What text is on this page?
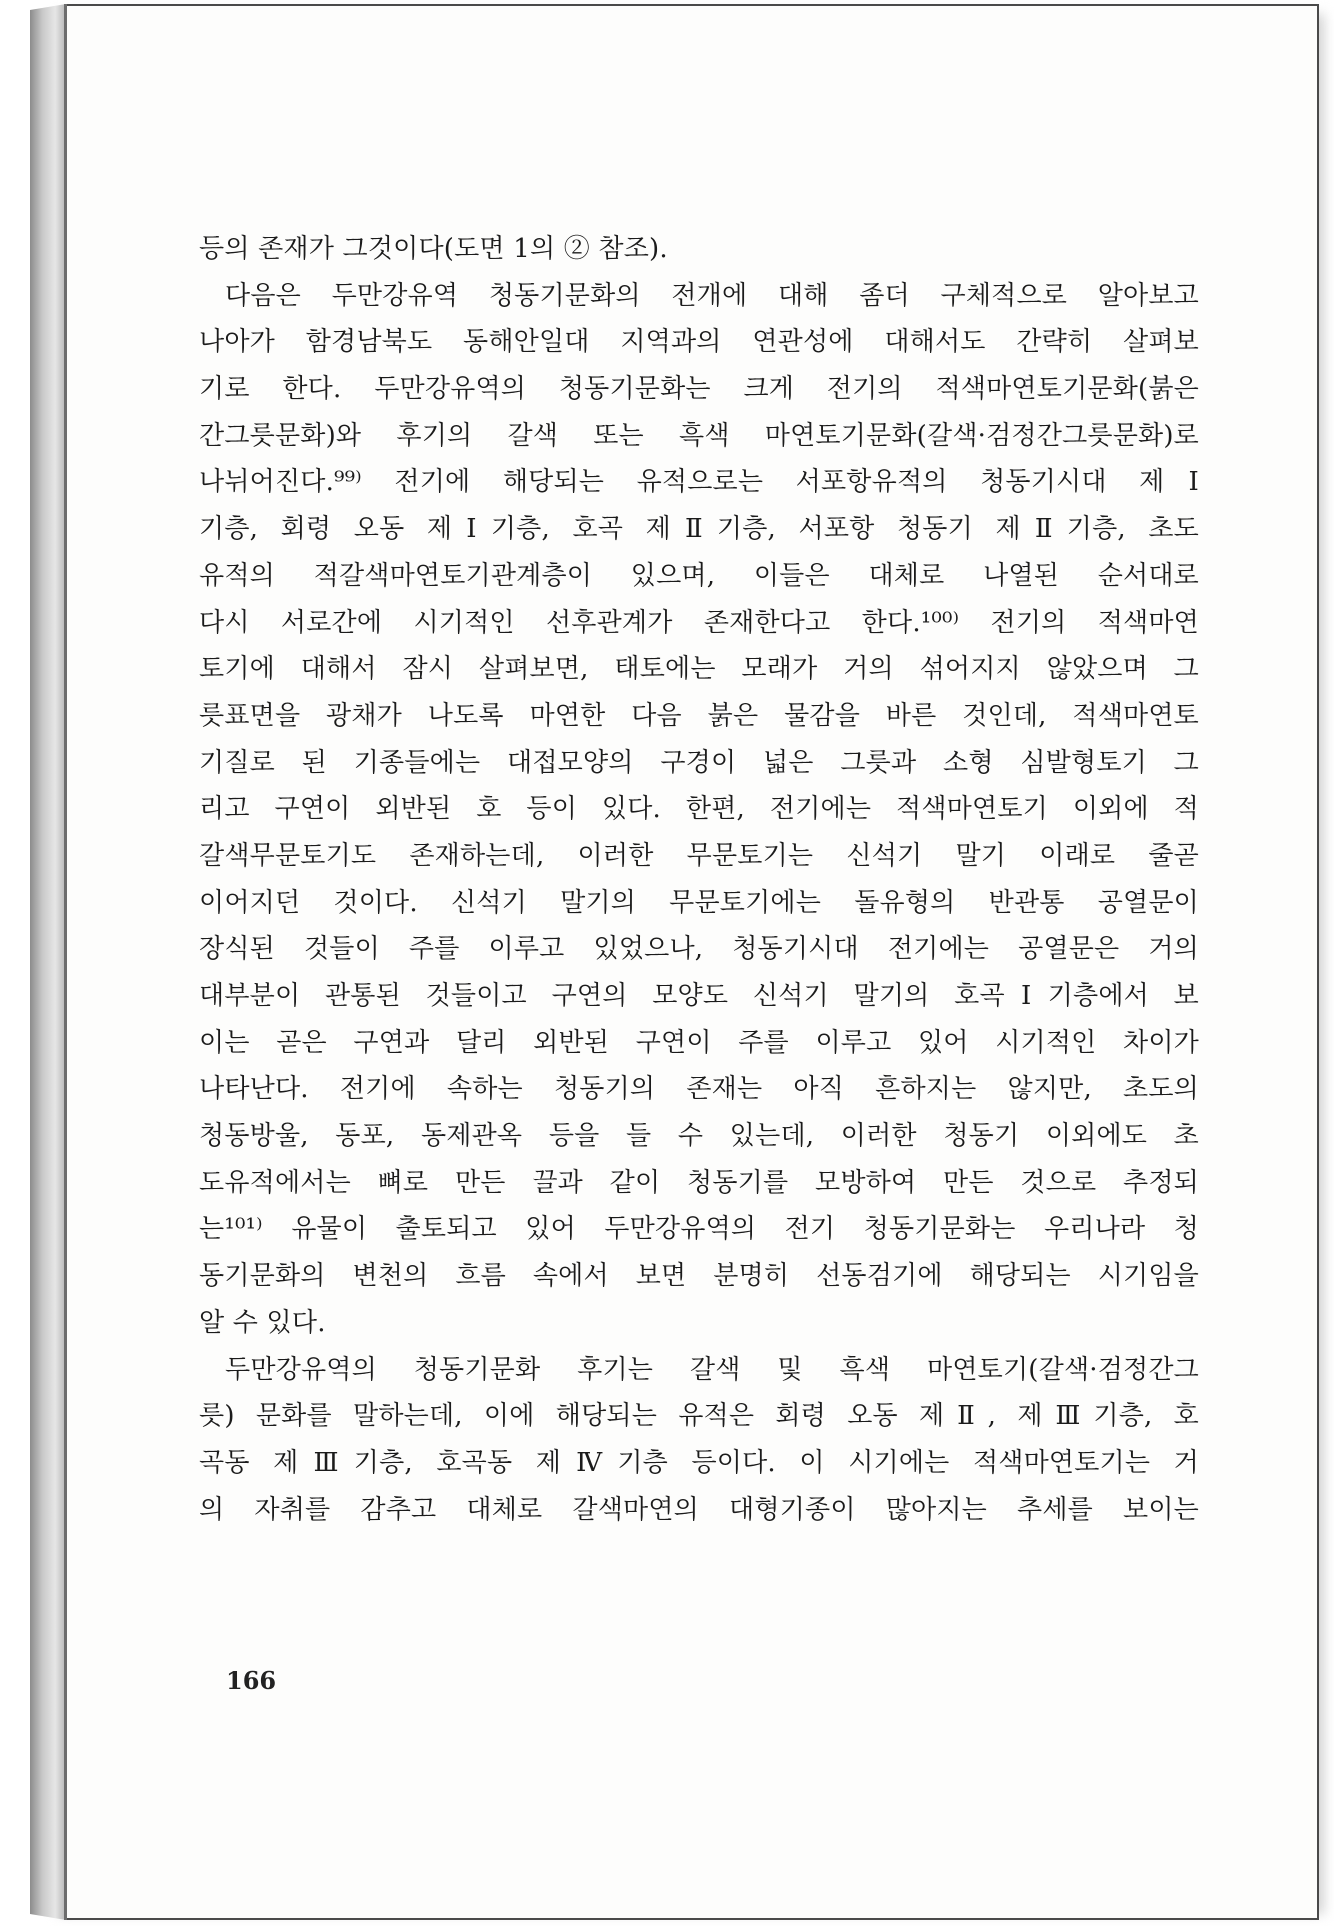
등의 존재가 그것이다(도면 1의 ② 참조).
다음은 두만강유역 청동기문화의 전개에 대해 좀더 구체적으로 알아보고
나아가 함경남북도 동해안일대 지역과의 연관성에 대해서도 간략히 살펴보
기로 한다. 두만강유역의 청동기문화는 크게 전기의 적색마연토기문화(붉은
간그릇문화)와 후기의 갈색 또는 흑색 마연토기문화(갈색·검정간그릇문화)로
나뉘어진다.⁹⁹⁾ 전기에 해당되는 유적으로는 서포항유적의 청동기시대 제Ⅰ
기층, 회령 오동 제Ⅰ기층, 호곡 제Ⅱ기층, 서포항 청동기 제Ⅱ기층, 초도
유적의 적갈색마연토기관계층이 있으며, 이들은 대체로 나열된 순서대로
다시 서로간에 시기적인 선후관계가 존재한다고 한다.¹⁰⁰⁾ 전기의 적색마연
토기에 대해서 잠시 살펴보면, 태토에는 모래가 거의 섞어지지 않았으며 그
릇표면을 광채가 나도록 마연한 다음 붉은 물감을 바른 것인데, 적색마연토
기질로 된 기종들에는 대접모양의 구경이 넓은 그릇과 소형 심발형토기 그
리고 구연이 외반된 호 등이 있다. 한편, 전기에는 적색마연토기 이외에 적
갈색무문토기도 존재하는데, 이러한 무문토기는 신석기 말기 이래로 줄곧
이어지던 것이다. 신석기 말기의 무문토기에는 돌유형의 반관통 공열문이
장식된 것들이 주를 이루고 있었으나, 청동기시대 전기에는 공열문은 거의
대부분이 관통된 것들이고 구연의 모양도 신석기 말기의 호곡Ⅰ기층에서 보
이는 곧은 구연과 달리 외반된 구연이 주를 이루고 있어 시기적인 차이가
나타난다. 전기에 속하는 청동기의 존재는 아직 흔하지는 않지만, 초도의
청동방울, 동포, 동제관옥 등을 들 수 있는데, 이러한 청동기 이외에도 초
도유적에서는 뼈로 만든 끌과 같이 청동기를 모방하여 만든 것으로 추정되
는¹⁰¹⁾ 유물이 출토되고 있어 두만강유역의 전기 청동기문화는 우리나라 청
동기문화의 변천의 흐름 속에서 보면 분명히 선동검기에 해당되는 시기임을
알 수 있다.
두만강유역의 청동기문화 후기는 갈색 및 흑색 마연토기(갈색·검정간그
릇) 문화를 말하는데, 이에 해당되는 유적은 회령 오동 제Ⅱ, 제Ⅲ기층, 호
곡동 제Ⅲ기층, 호곡동 제Ⅳ기층 등이다. 이 시기에는 적색마연토기는 거
의 자취를 감추고 대체로 갈색마연의 대형기종이 많아지는 추세를 보이는
166
